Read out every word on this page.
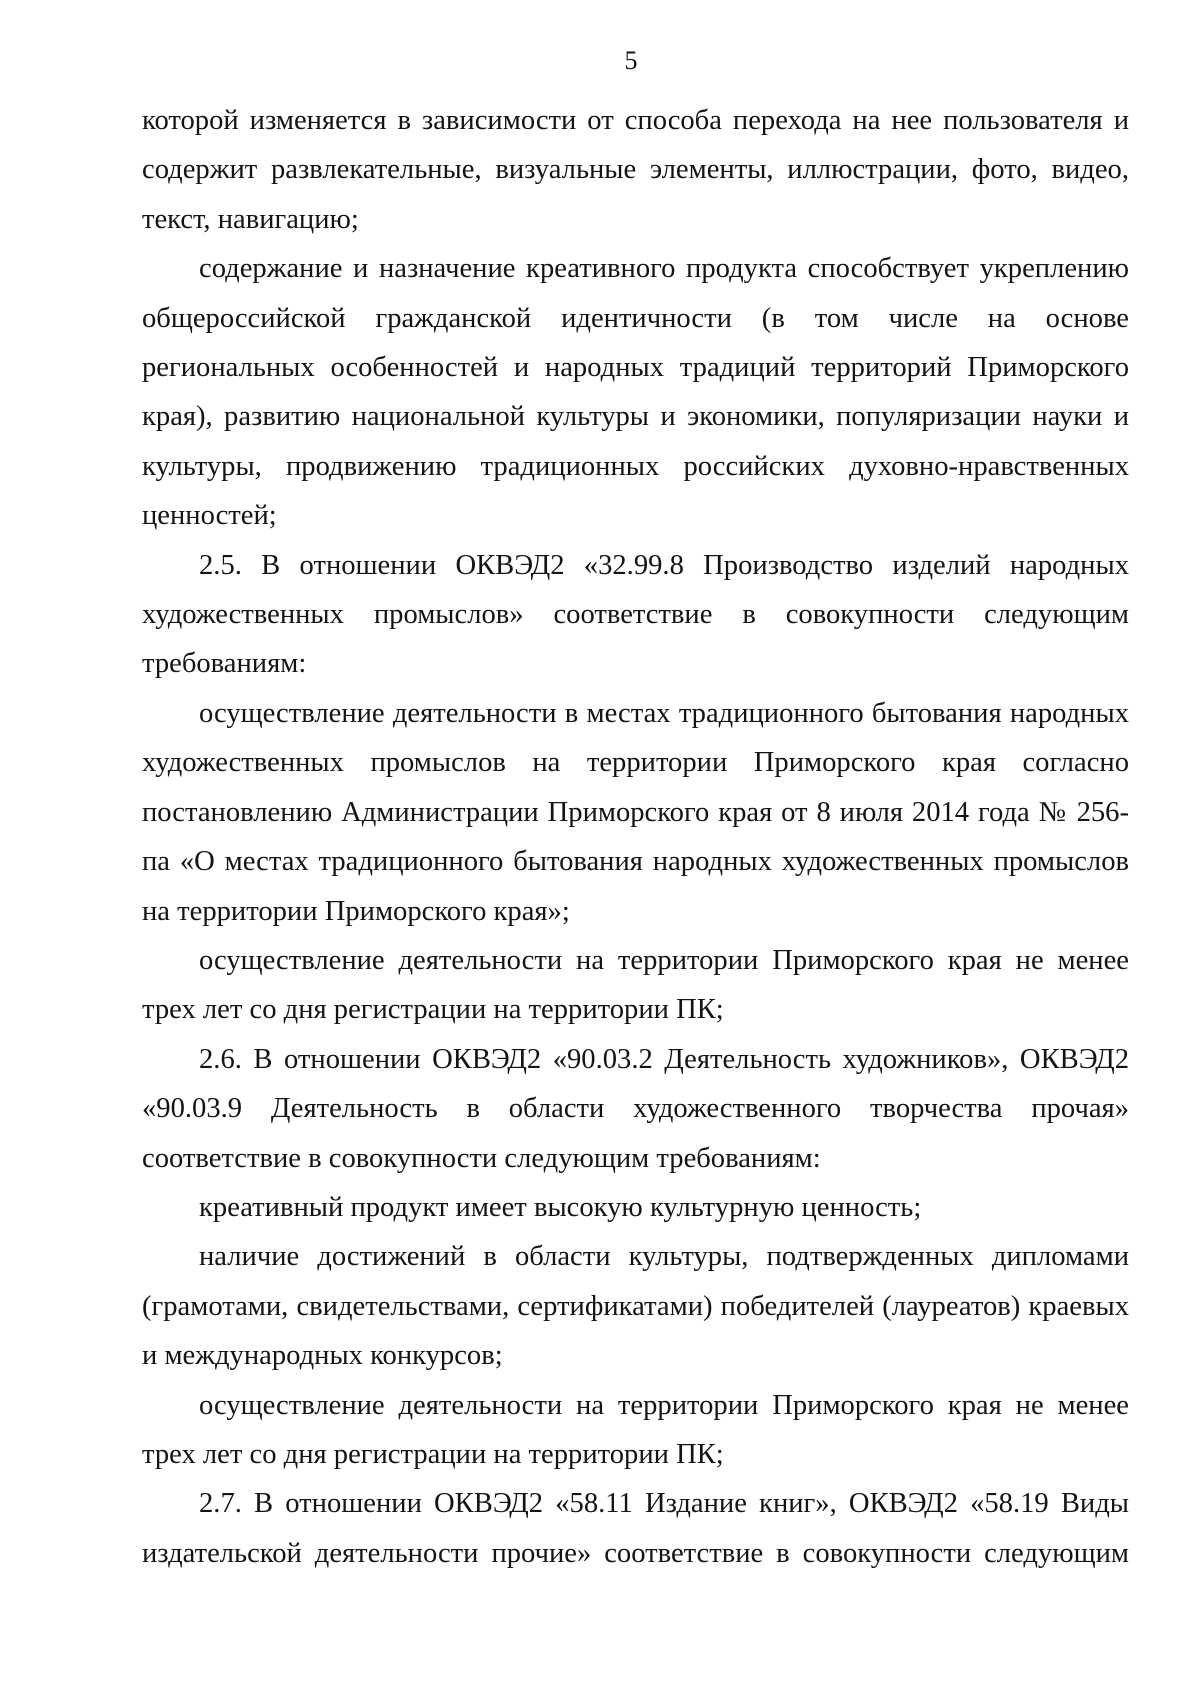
5

которой изменяется в зависимости от способа перехода на нее пользователя и содержит развлекательные, визуальные элементы, иллюстрации, фото, видео, текст, навигацию;

содержание и назначение креативного продукта способствует укреплению общероссийской гражданской идентичности (в том числе на основе региональных особенностей и народных традиций территорий Приморского края), развитию национальной культуры и экономики, популяризации науки и культуры, продвижению традиционных российских духовно-нравственных ценностей;

2.5. В отношении ОКВЭД2 «32.99.8 Производство изделий народных художественных промыслов» соответствие в совокупности следующим требованиям:

осуществление деятельности в местах традиционного бытования народных художественных промыслов на территории Приморского края согласно постановлению Администрации Приморского края от 8 июля 2014 года № 256-па «О местах традиционного бытования народных художественных промыслов на территории Приморского края»;

осуществление деятельности на территории Приморского края не менее трех лет со дня регистрации на территории ПК;

2.6. В отношении ОКВЭД2 «90.03.2 Деятельность художников», ОКВЭД2 «90.03.9 Деятельность в области художественного творчества прочая» соответствие в совокупности следующим требованиям:

креативный продукт имеет высокую культурную ценность;

наличие достижений в области культуры, подтвержденных дипломами (грамотами, свидетельствами, сертификатами) победителей (лауреатов) краевых и международных конкурсов;

осуществление деятельности на территории Приморского края не менее трех лет со дня регистрации на территории ПК;

2.7. В отношении ОКВЭД2 «58.11 Издание книг», ОКВЭД2 «58.19 Виды издательской деятельности прочие» соответствие в совокупности следующим
